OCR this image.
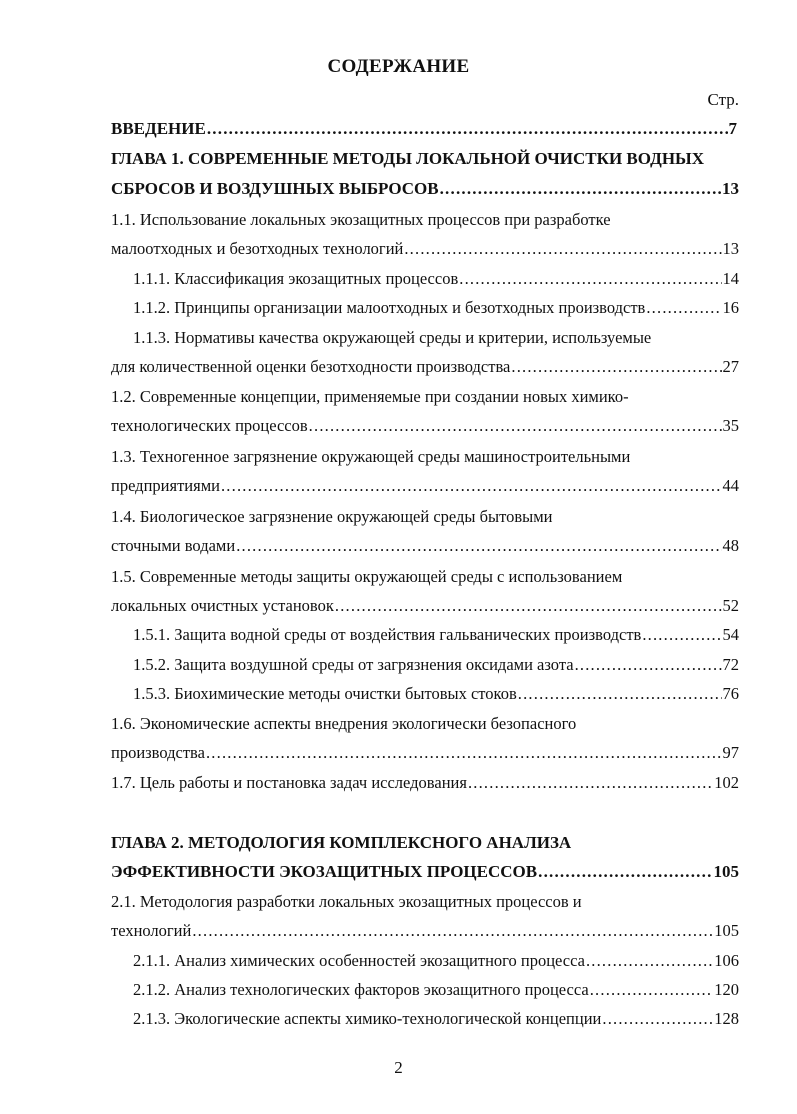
СОДЕРЖАНИЕ
Стр.
ВВЕДЕНИЕ .....	7
ГЛАВА 1. СОВРЕМЕННЫЕ МЕТОДЫ ЛОКАЛЬНОЙ ОЧИСТКИ ВОДНЫХ
СБРОСОВ И ВОЗДУШНЫХ ВЫБРОСОВ .....	13
1.1. Использование локальных экозащитных процессов при разработке
малоотходных и безотходных технологий .....	13
1.1.1. Классификация экозащитных процессов .....	14
1.1.2. Принципы организации малоотходных и безотходных производств .....	16
1.1.3. Нормативы качества окружающей среды и критерии, используемые
для количественной оценки безотходности производства .....	27
1.2. Современные концепции, применяемые при создании новых химико-
технологических процессов .....	35
1.3. Техногенное загрязнение окружающей среды машиностроительными
предприятиями .....	44
1.4. Биологическое загрязнение окружающей среды бытовыми
сточными водами .....	48
1.5. Современные методы защиты окружающей среды с использованием
локальных очистных установок .....	52
1.5.1. Защита водной среды от воздействия гальванических производств .....	54
1.5.2. Защита воздушной среды от загрязнения оксидами азота .....	72
1.5.3. Биохимические методы очистки бытовых стоков .....	76
1.6. Экономические аспекты внедрения экологически безопасного
производства .....	97
1.7. Цель работы и постановка задач исследования .....	102
ГЛАВА 2. МЕТОДОЛОГИЯ КОМПЛЕКСНОГО АНАЛИЗА
ЭФФЕКТИВНОСТИ ЭКОЗАЩИТНЫХ ПРОЦЕССОВ .....	105
2.1. Методология разработки локальных экозащитных процессов и
технологий .....	105
2.1.1. Анализ химических особенностей экозащитного процесса .....	106
2.1.2. Анализ технологических факторов экозащитного процесса .....	120
2.1.3. Экологические аспекты химико-технологической концепции .....	128
2
